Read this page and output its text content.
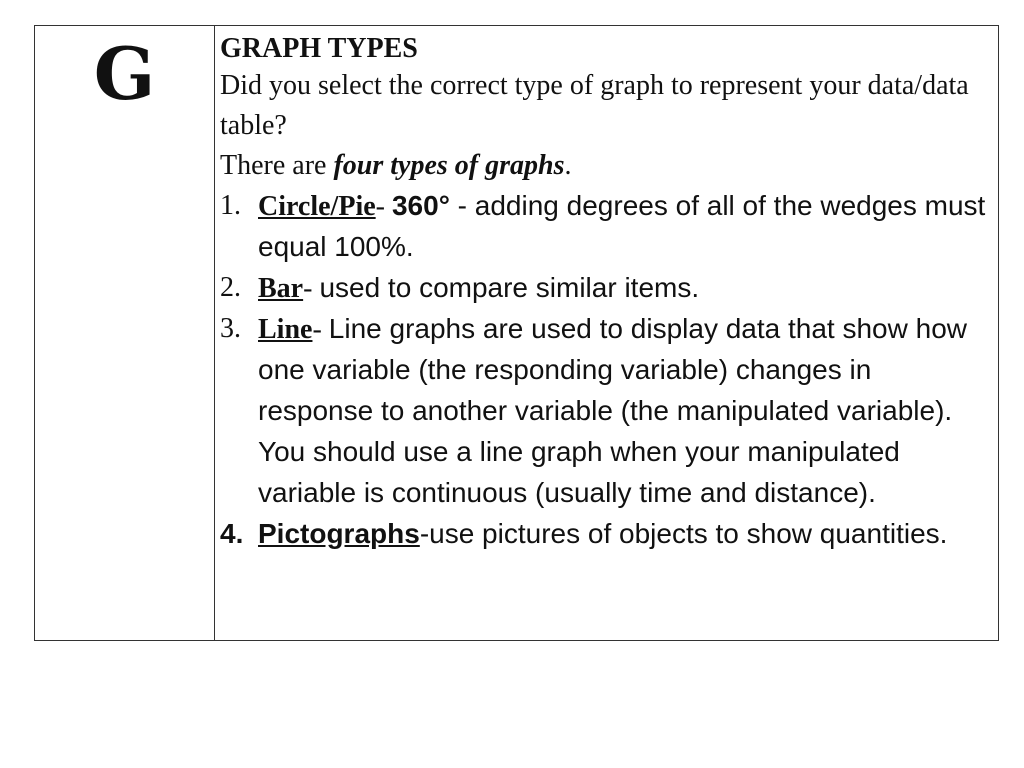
G	GRAPH TYPES
Did you select the correct type of graph to represent your data/data table?
There are four types of graphs.
1. Circle/Pie- 360° - adding degrees of all of the wedges must equal 100%.
2. Bar- used to compare similar items.
3. Line- Line graphs are used to display data that show how one variable (the responding variable) changes in response to another variable (the manipulated variable). You should use a line graph when your manipulated variable is continuous (usually time and distance).
4. Pictographs-use pictures of objects to show quantities.
